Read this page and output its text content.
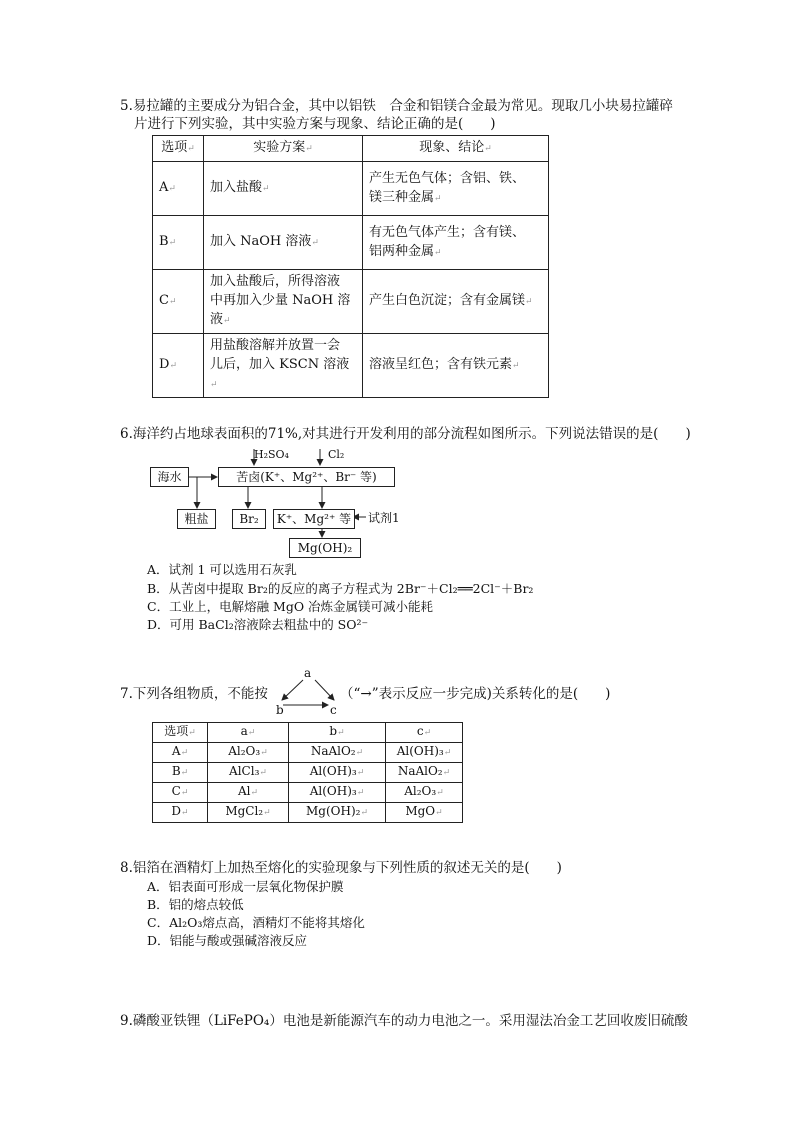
5.易拉罐的主要成分为铝合金，其中以铝铁　合金和铝镁合金最为常见。现取几小块易拉罐碎
片进行下列实验，其中实验方案与现象、结论正确的是(　　)
选项↵	实验方案↵	现象、结论↵
A↵	加入盐酸↵	产生无色气体；含铝、铁、
镁三种金属↵
B↵	加入 NaOH 溶液↵	有无色气体产生；含有镁、
铝两种金属↵
C↵	加入盐酸后，所得溶液
中再加入少量 NaOH 溶液↵	产生白色沉淀；含有金属镁↵
D↵	用盐酸溶解并放置一会
儿后，加入 KSCN 溶液↵	溶液呈红色；含有铁元素↵
6.海洋约占地球表面积的71%,对其进行开发利用的部分流程如图所示。下列说法错误的是(　　)
H₂SO₄	Cl₂
海水	苦卤(K⁺、Mg²⁺、Br⁻ 等)
粗盐	Br₂	K⁺、Mg²⁺ 等	试剂1
Mg(OH)₂
A．试剂 1 可以选用石灰乳
B．从苦卤中提取 Br₂的反应的离子方程式为 2Br⁻＋Cl₂══2Cl⁻＋Br₂
C．工业上，电解熔融 MgO 冶炼金属镁可减小能耗
D．可用 BaCl₂溶液除去粗盐中的 SO²⁻
7.下列各组物质，不能按
a
b	c
（“→”表示反应一步完成)关系转化的是(　　)
选项↵	a↵	b↵	c↵
A↵	Al₂O₃↵	NaAlO₂↵	Al(OH)₃↵
B↵	AlCl₃↵	Al(OH)₃↵	NaAlO₂↵
C↵	Al↵	Al(OH)₃↵	Al₂O₃↵
D↵	MgCl₂↵	Mg(OH)₂↵	MgO↵
8.铝箔在酒精灯上加热至熔化的实验现象与下列性质的叙述无关的是(　　)
A．铝表面可形成一层氧化物保护膜
B．铝的熔点较低
C．Al₂O₃熔点高，酒精灯不能将其熔化
D．铝能与酸或强碱溶液反应
9.磷酸亚铁锂（LiFePO₄）电池是新能源汽车的动力电池之一。采用湿法冶金工艺回收废旧硫酸
